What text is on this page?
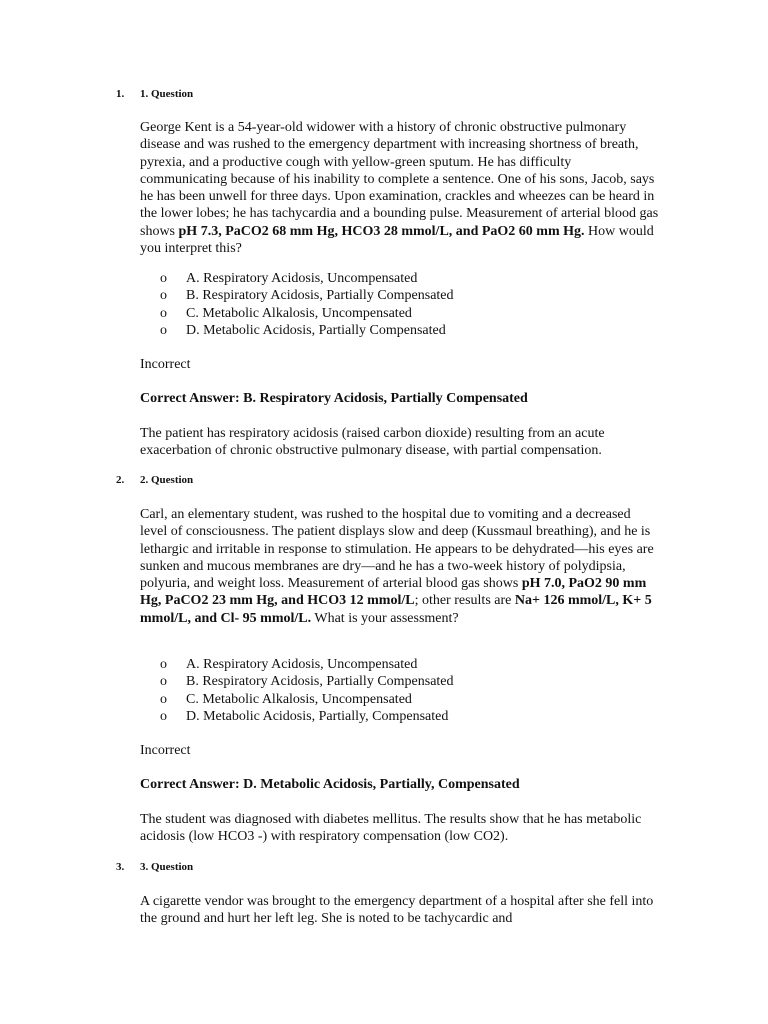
1. 1. Question

George Kent is a 54-year-old widower with a history of chronic obstructive pulmonary disease and was rushed to the emergency department with increasing shortness of breath, pyrexia, and a productive cough with yellow-green sputum. He has difficulty communicating because of his inability to complete a sentence. One of his sons, Jacob, says he has been unwell for three days. Upon examination, crackles and wheezes can be heard in the lower lobes; he has tachycardia and a bounding pulse. Measurement of arterial blood gas shows pH 7.3, PaCO2 68 mm Hg, HCO3 28 mmol/L, and PaO2 60 mm Hg. How would you interpret this?

o A. Respiratory Acidosis, Uncompensated
o B. Respiratory Acidosis, Partially Compensated
o C. Metabolic Alkalosis, Uncompensated
o D. Metabolic Acidosis, Partially Compensated
Incorrect
Correct Answer: B. Respiratory Acidosis, Partially Compensated

The patient has respiratory acidosis (raised carbon dioxide) resulting from an acute exacerbation of chronic obstructive pulmonary disease, with partial compensation.

2. 2. Question

Carl, an elementary student, was rushed to the hospital due to vomiting and a decreased level of consciousness. The patient displays slow and deep (Kussmaul breathing), and he is lethargic and irritable in response to stimulation. He appears to be dehydrated—his eyes are sunken and mucous membranes are dry—and he has a two-week history of polydipsia, polyuria, and weight loss. Measurement of arterial blood gas shows pH 7.0, PaO2 90 mm Hg, PaCO2 23 mm Hg, and HCO3 12 mmol/L; other results are Na+ 126 mmol/L, K+ 5 mmol/L, and Cl- 95 mmol/L. What is your assessment?

o A. Respiratory Acidosis, Uncompensated
o B. Respiratory Acidosis, Partially Compensated
o C. Metabolic Alkalosis, Uncompensated
o D. Metabolic Acidosis, Partially, Compensated
Incorrect
Correct Answer: D. Metabolic Acidosis, Partially, Compensated

The student was diagnosed with diabetes mellitus. The results show that he has metabolic acidosis (low HCO3 -) with respiratory compensation (low CO2).

3. 3. Question

A cigarette vendor was brought to the emergency department of a hospital after she fell into the ground and hurt her left leg. She is noted to be tachycardic and
